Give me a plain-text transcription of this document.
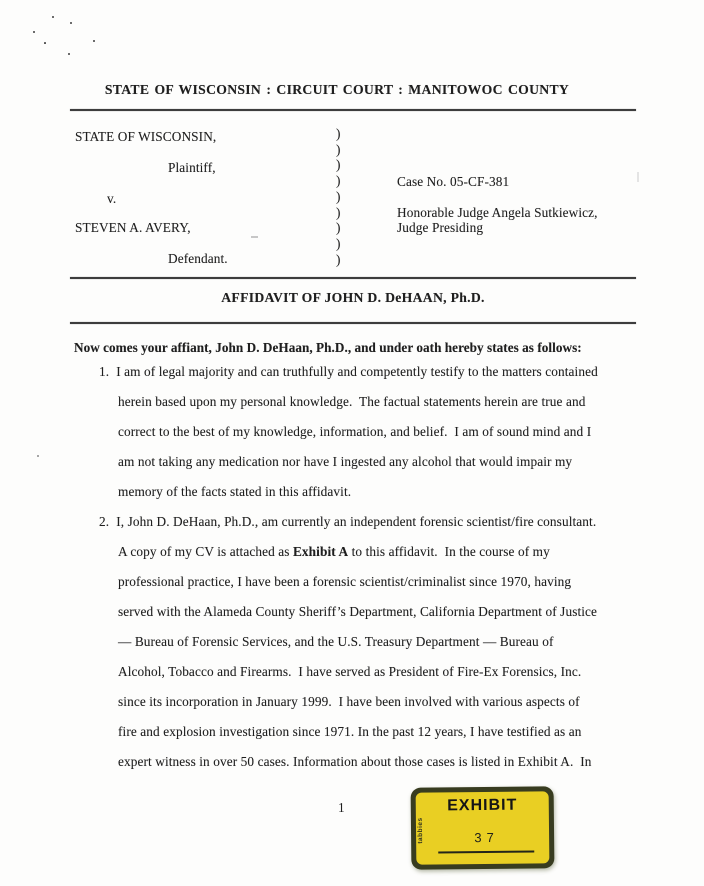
STATE OF WISCONSIN : CIRCUIT COURT : MANITOWOC COUNTY
STATE OF WISCONSIN,
Plaintiff,
v.
STEVEN A. AVERY,
Defendant.
)
)
)
)
)
)
)
)
)
Case No. 05-CF-381
Honorable Judge Angela Sutkiewicz,
Judge Presiding
AFFIDAVIT OF JOHN D. DeHAAN, Ph.D.
Now comes your affiant, John D. DeHaan, Ph.D., and under oath hereby states as follows:
1. I am of legal majority and can truthfully and competently testify to the matters contained
herein based upon my personal knowledge.  The factual statements herein are true and
correct to the best of my knowledge, information, and belief.  I am of sound mind and I
am not taking any medication nor have I ingested any alcohol that would impair my
memory of the facts stated in this affidavit.
2. I, John D. DeHaan, Ph.D., am currently an independent forensic scientist/fire consultant.
A copy of my CV is attached as Exhibit A to this affidavit.  In the course of my
professional practice, I have been a forensic scientist/criminalist since 1970, having
served with the Alameda County Sheriff’s Department, California Department of Justice
— Bureau of Forensic Services, and the U.S. Treasury Department — Bureau of
Alcohol, Tobacco and Firearms.  I have served as President of Fire-Ex Forensics, Inc.
since its incorporation in January 1999.  I have been involved with various aspects of
fire and explosion investigation since 1971. In the past 12 years, I have testified as an
expert witness in over 50 cases. Information about those cases is listed in Exhibit A.  In
1	EXHIBIT
tabbies	37
